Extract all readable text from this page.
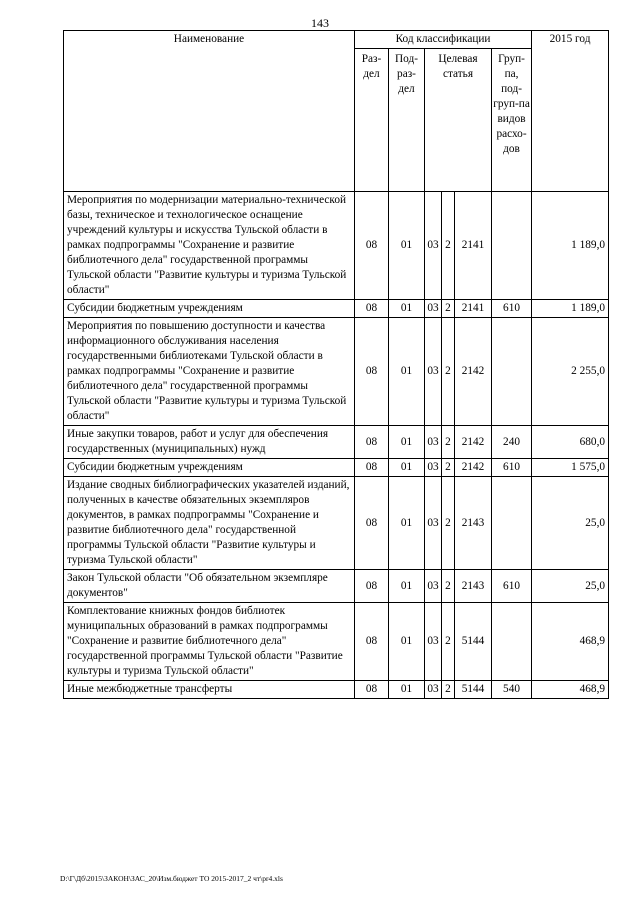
143
Наименование	Код классификации						2015 год
	Раз-дел	Под-раз-дел	Целевая статья			Груп-па, под-груп-па видов расхо-дов	
Мероприятия по модернизации материально-технической базы, техническое и технологическое оснащение учреждений культуры и искусства Тульской области в рамках подпрограммы "Сохранение и развитие библиотечного дела" государственной программы Тульской области "Развитие культуры и туризма Тульской области"	08	01	03	2	2141		1 189,0
Субсидии бюджетным учреждениям	08	01	03	2	2141	610	1 189,0
Мероприятия по повышению доступности и качества информационного обслуживания населения государственными библиотеками Тульской области в рамках подпрограммы "Сохранение и развитие библиотечного дела" государственной программы Тульской области "Развитие культуры и туризма Тульской области"	08	01	03	2	2142		2 255,0
Иные закупки товаров, работ и услуг для обеспечения государственных (муниципальных) нужд	08	01	03	2	2142	240	680,0
Субсидии бюджетным учреждениям	08	01	03	2	2142	610	1 575,0
Издание сводных библиографических указателей изданий, полученных в качестве обязательных экземпляров документов, в рамках подпрограммы "Сохранение и развитие библиотечного дела" государственной программы Тульской области "Развитие культуры и туризма Тульской области"	08	01	03	2	2143		25,0
Закон Тульской области "Об обязательном экземпляре документов"	08	01	03	2	2143	610	25,0
Комплектование книжных фондов библиотек муниципальных образований в рамках подпрограммы "Сохранение и развитие библиотечного дела" государственной программы Тульской области "Развитие культуры и туризма Тульской области"	08	01	03	2	5144		468,9
Иные межбюджетные трансферты	08	01	03	2	5144	540	468,9
D:\Г\Дб\2015\ЗАКОН\ЗАС_20\Изм.бюджет ТО 2015-2017_2 чт\pr4.xls
